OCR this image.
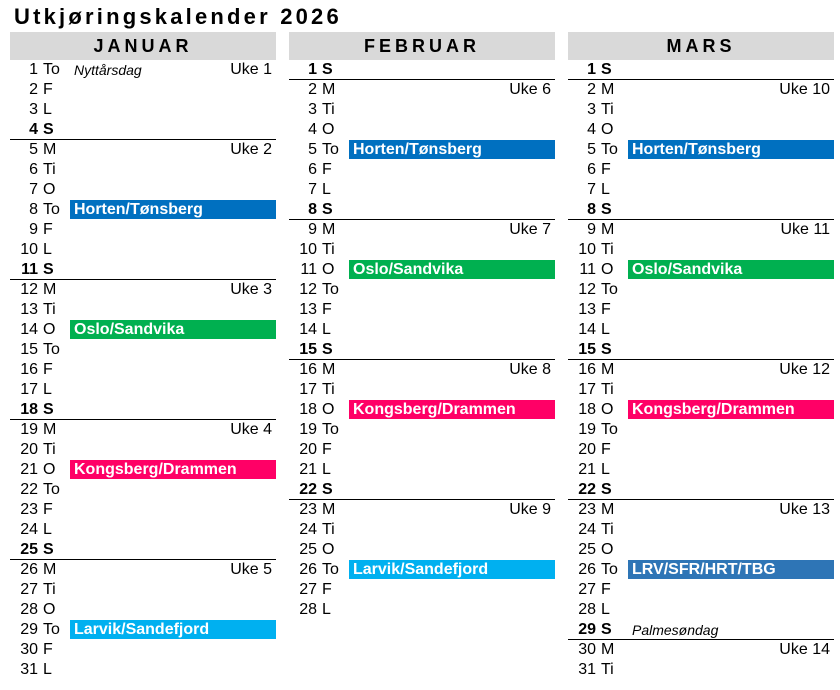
Utkjøringskalender 2026
JANUAR
1 To Nyttårsdag	Uke 1
2 F
3 L
4 S
5 M	Uke 2
6 Ti
7 O
8 To Horten/Tønsberg
9 F
10 L
11 S
12 M	Uke 3
13 Ti
14 O Oslo/Sandvika
15 To
16 F
17 L
18 S
19 M	Uke 4
20 Ti
21 O Kongsberg/Drammen
22 To
23 F
24 L
25 S
26 M	Uke 5
27 Ti
28 O
29 To Larvik/Sandefjord
30 F
31 L
FEBRUAR
1 S
2 M	Uke 6
3 Ti
4 O
5 To Horten/Tønsberg
6 F
7 L
8 S
9 M	Uke 7
10 Ti
11 O Oslo/Sandvika
12 To
13 F
14 L
15 S
16 M	Uke 8
17 Ti
18 O Kongsberg/Drammen
19 To
20 F
21 L
22 S
23 M	Uke 9
24 Ti
25 O
26 To Larvik/Sandefjord
27 F
28 L
MARS
1 S
2 M	Uke 10
3 Ti
4 O
5 To Horten/Tønsberg
6 F
7 L
8 S
9 M	Uke 11
10 Ti
11 O Oslo/Sandvika
12 To
13 F
14 L
15 S
16 M	Uke 12
17 Ti
18 O Kongsberg/Drammen
19 To
20 F
21 L
22 S
23 M	Uke 13
24 Ti
25 O
26 To LRV/SFR/HRT/TBG
27 F
28 L
29 S Palmesøndag
30 M	Uke 14
31 Ti
